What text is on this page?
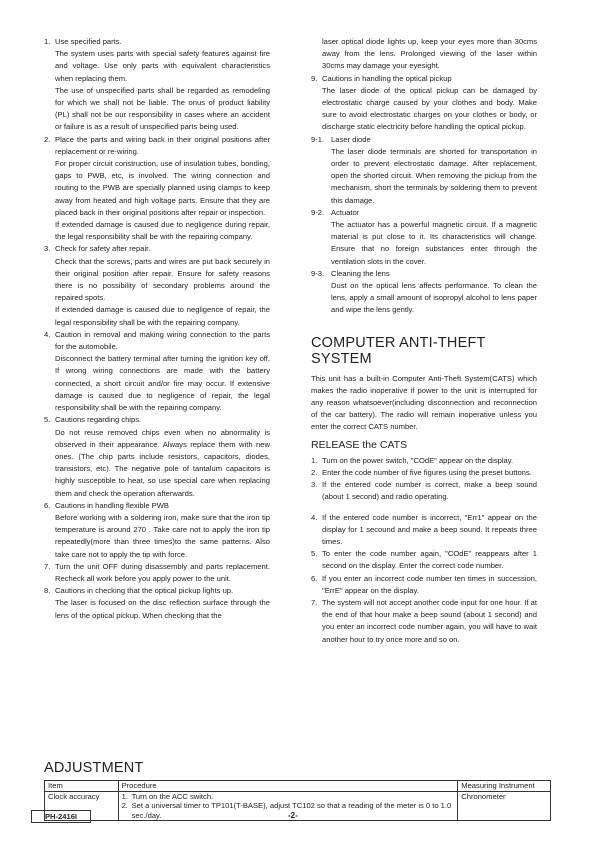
1. Use specified parts.

The system uses parts with special safety features against fire and voltage. Use only parts with equivalent characteristics when replacing them.

The use of unspecified parts shall be regarded as remodeling for which we shall not be liable. The onus of product liability (PL) shall not be our responsibility in cases where an accident or failure is as a result of unspecified parts being used.

2. Place the parts and wiring back in their original positions after replacement or re-wiring.

For proper circuit construction, use of insulation tubes, bonding, gaps to PWB, etc, is involved. The wiring connection and routing to the PWB are specially planned using clamps to keep away from heated and high voltage parts. Ensure that they are placed back in their original positions after repair or inspection.

If extended damage is caused due to negligence during repair, the legal responsibility shall be with the repairing company.

3. Check for safety after repair.

Check that the screws, parts and wires are put back securely in their original position after repair. Ensure for safety reasons there is no possibility of secondary problems around the repaired spots.

If extended damage is caused due to negligence of repair, the legal responsibility shall be with the repairing company.

4. Caution in removal and making wiring connection to the parts for the automobile.

Disconnect the battery terminal after turning the ignition key off. If wrong wiring connections are made with the battery connected, a short circuit and/or fire may occur. If extensive damage is caused due to negligence of repair, the legal responsibility shall be with the repairing company.

5. Cautions regarding chips.

Do not reuse removed chips even when no abnormality is observed in their appearance. Always replace them with new ones. (The chip parts include resistors, capacitors, diodes, transistors, etc). The negative pole of tantalum capacitors is highly susceptible to heat, so use special care when replacing them and check the operation afterwards.

6. Cautions in handling flexible PWB

Before working with a soldering iron, make sure that the iron tip temperature is around 270 . Take care not to apply the iron tip repeatedly(more than three times)to the same patterns. Also take care not to apply the tip with force.

7. Turn the unit OFF during disassembly and parts replacement. Recheck all work before you apply power to the unit.

8. Cautions in checking that the optical pickup lights up.

The laser is focused on the disc reflection surface through the lens of the optical pickup. When checking that the

laser optical diode lights up, keep your eyes more than 30cms away from the lens. Prolonged viewing of the laser within 30cms may damage your eyesight.

9. Cautions in handling the optical pickup

The laser diode of the optical pickup can be damaged by electrostatic charge caused by your clothes and body. Make sure to avoid electrostatic charges on your clothes or body, or discharge static electricity before handling the optical pickup.

9-1. Laser diode

The laser diode terminals are shorted for transportation in order to prevent electrostatic damage. After replacement, open the shorted circuit. When removing the pickup from the mechanism, short the terminals by soldering them to prevent this damage.

9-2. Actuator

The actuator has a powerful magnetic circuit. If a magnetic material is put close to it. Its characteristics will change. Ensure that no foreign substances enter through the ventilation slots in the cover.

9-3. Cleaning the lens

Dust on the optical lens affects performance. To clean the lens, apply a small amount of isopropyl alcohol to lens paper and wipe the lens gently.

COMPUTER ANTI-THEFT SYSTEM

This unit has a built-in Computer Anti-Theft System(CATS) which makes the radio inoperative if power to the unit is interrupted for any reason whatsoever(including disconnection and reconnection of the car battery). The radio will remain inoperative unless you enter the correct CATS number.

RELEASE the CATS
1. Turn on the power switch, "COdE" appear on the display.

2. Enter the code number of five figures using the preset buttons.

3. If the entered code number is correct, make a beep sound (about 1 second) and radio operating.

4. If the entered code number is incorrect, "Err1" appear on the display for 1 secound and make a beep sound. It repeats three times.

5. To enter the code number again, "COdE" reappears after 1 second on the display. Enter the correct code number.

6. If you enter an incorrect code number ten times in succession, "ErrE" appear on the display.

7. The system will not accept another code input for one hour. If at the end of that hour make a beep sound (about 1 second) and you enter an incorrect code number again, you will have to wait another hour to try once more and so on.

ADJUSTMENT
Item	Procedure	Measuring Instrument
Clock accuracy	1. Turn on the ACC switch.
2. Set a universal timer to TP101(T-BASE), adjust TC102 so that a reading of the meter is 0 to 1.0 sec./day.	Chronometer
PH-2416I	-2-
